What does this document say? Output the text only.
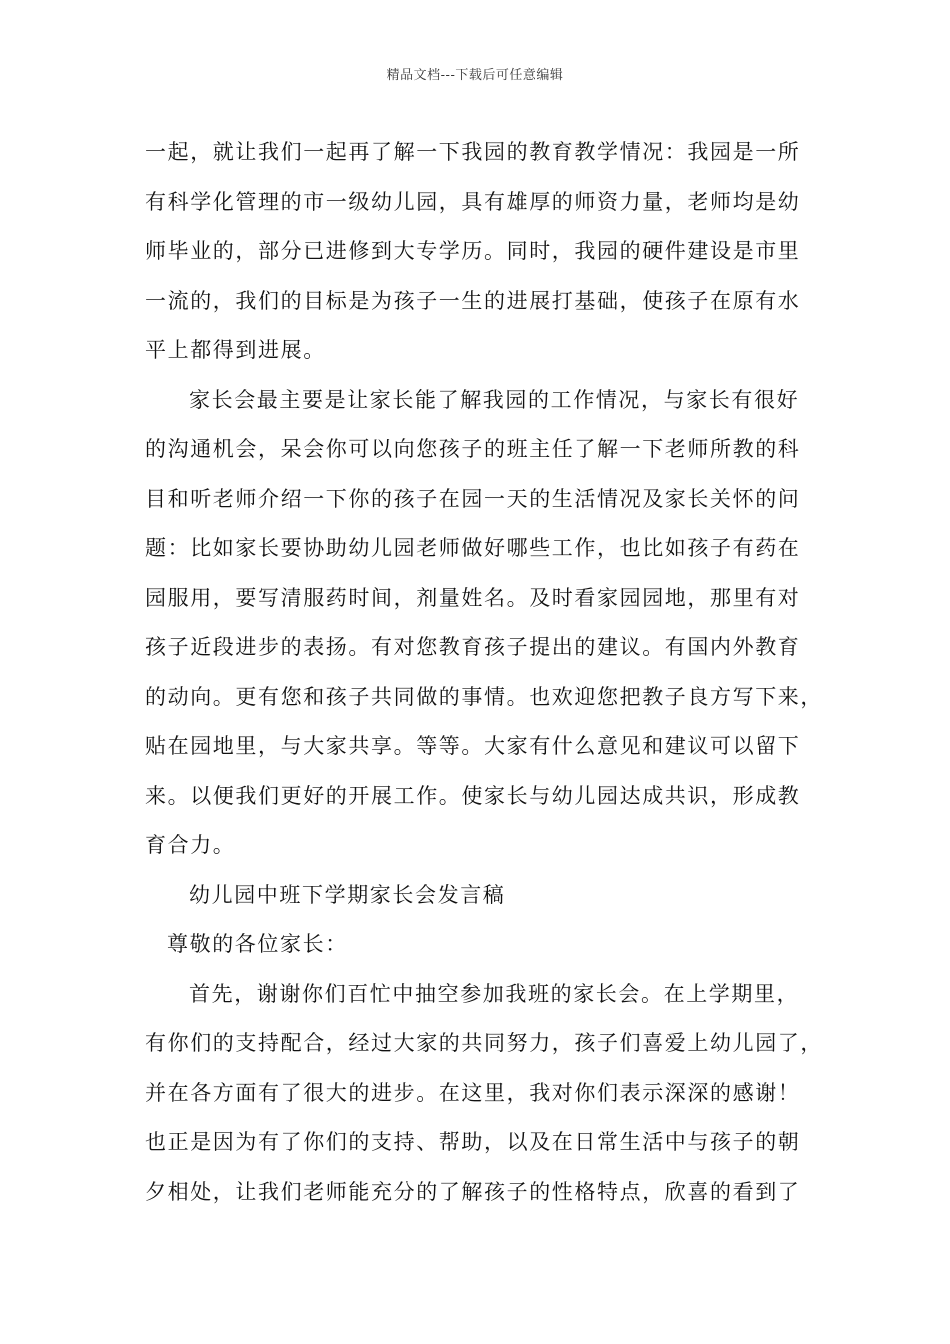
精品文档---下载后可任意编辑
一起，就让我们一起再了解一下我园的教育教学情况：我园是一所
有科学化管理的市一级幼儿园，具有雄厚的师资力量，老师均是幼
师毕业的，部分已进修到大专学历。同时，我园的硬件建设是市里
一流的，我们的目标是为孩子一生的进展打基础，使孩子在原有水
平上都得到进展。
家长会最主要是让家长能了解我园的工作情况，与家长有很好
的沟通机会，呆会你可以向您孩子的班主任了解一下老师所教的科
目和听老师介绍一下你的孩子在园一天的生活情况及家长关怀的问
题：比如家长要协助幼儿园老师做好哪些工作，也比如孩子有药在
园服用，要写清服药时间，剂量姓名。及时看家园园地，那里有对
孩子近段进步的表扬。有对您教育孩子提出的建议。有国内外教育
的动向。更有您和孩子共同做的事情。也欢迎您把教子良方写下来，
贴在园地里，与大家共享。等等。大家有什么意见和建议可以留下
来。以便我们更好的开展工作。使家长与幼儿园达成共识，形成教
育合力。
幼儿园中班下学期家长会发言稿
尊敬的各位家长：
首先，谢谢你们百忙中抽空参加我班的家长会。在上学期里，
有你们的支持配合，经过大家的共同努力，孩子们喜爱上幼儿园了，
并在各方面有了很大的进步。在这里，我对你们表示深深的感谢！
也正是因为有了你们的支持、帮助，以及在日常生活中与孩子的朝
夕相处，让我们老师能充分的了解孩子的性格特点，欣喜的看到了
